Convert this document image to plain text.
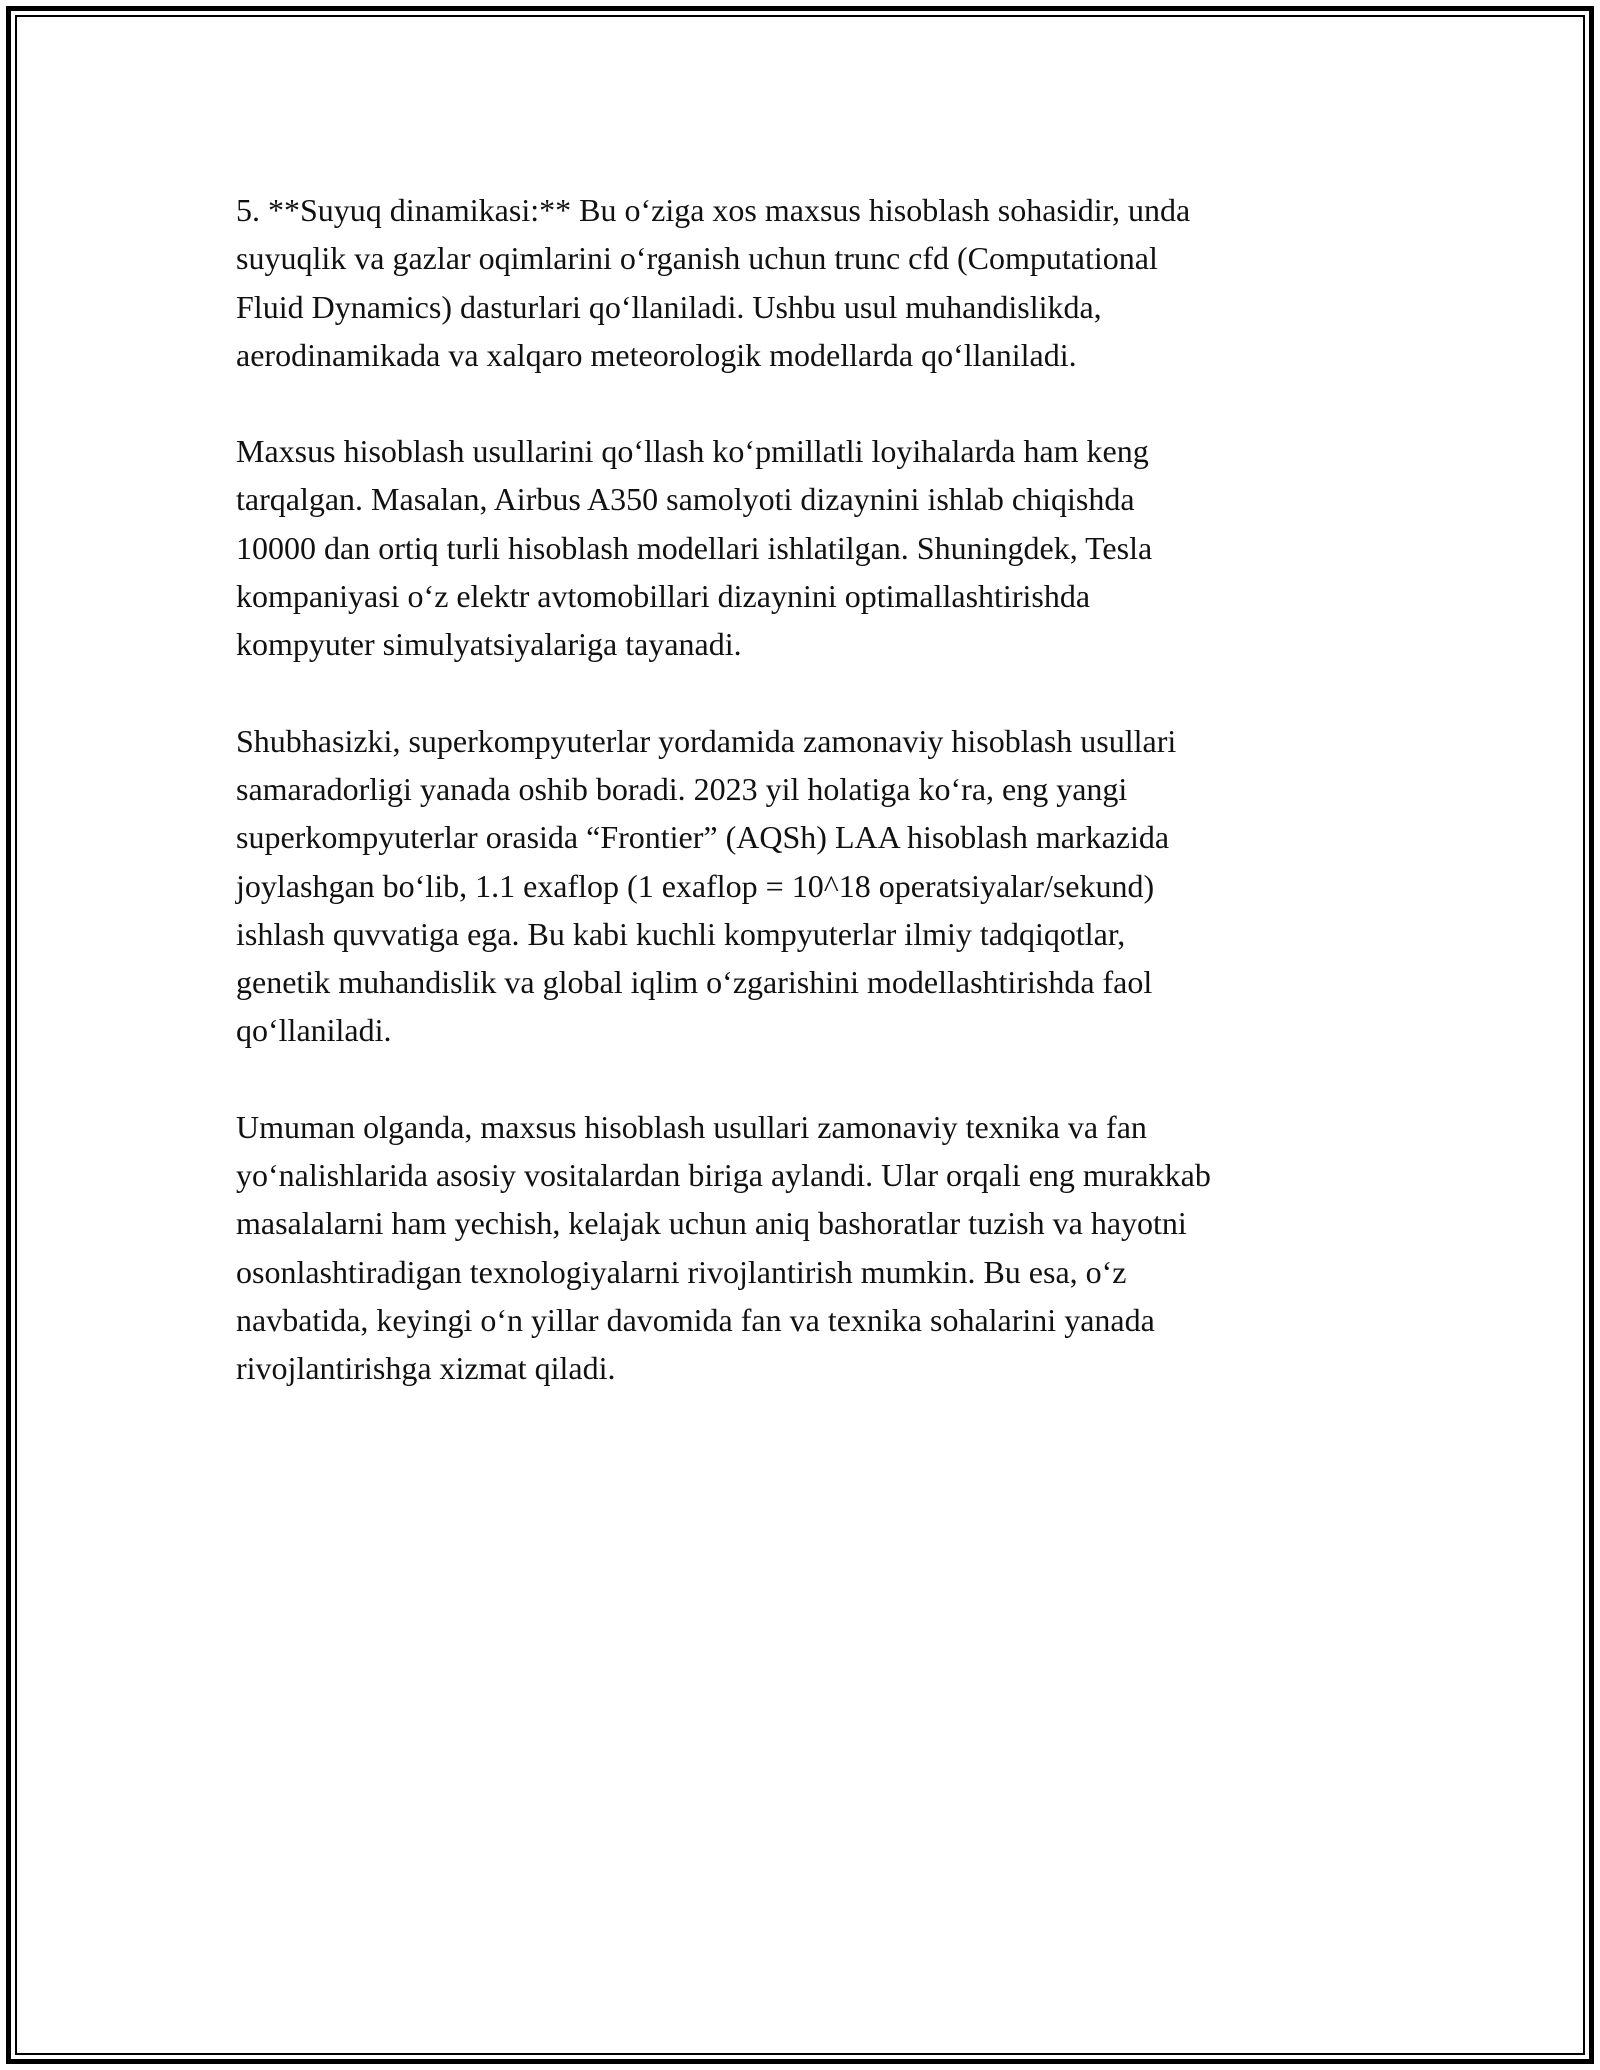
5. **Suyuq dinamikasi:** Bu o‘ziga xos maxsus hisoblash sohasidir, unda
suyuqlik va gazlar oqimlarini o‘rganish uchun trunc cfd (Computational
Fluid Dynamics) dasturlari qo‘llaniladi. Ushbu usul muhandislikda,
aerodinamikada va xalqaro meteorologik modellarda qo‘llaniladi.

Maxsus hisoblash usullarini qo‘llash ko‘pmillatli loyihalarda ham keng
tarqalgan. Masalan, Airbus A350 samolyoti dizaynini ishlab chiqishda
10000 dan ortiq turli hisoblash modellari ishlatilgan. Shuningdek, Tesla
kompaniyasi o‘z elektr avtomobillari dizaynini optimallashtirishda
kompyuter simulyatsiyalariga tayanadi.

Shubhasizki, superkompyuterlar yordamida zamonaviy hisoblash usullari
samaradorligi yanada oshib boradi. 2023 yil holatiga ko‘ra, eng yangi
superkompyuterlar orasida “Frontier” (AQSh) LAA hisoblash markazida
joylashgan bo‘lib, 1.1 exaflop (1 exaflop = 10^18 operatsiyalar/sekund)
ishlash quvvatiga ega. Bu kabi kuchli kompyuterlar ilmiy tadqiqotlar,
genetik muhandislik va global iqlim o‘zgarishini modellashtirishda faol
qo‘llaniladi.

Umuman olganda, maxsus hisoblash usullari zamonaviy texnika va fan
yo‘nalishlarida asosiy vositalardan biriga aylandi. Ular orqali eng murakkab
masalalarni ham yechish, kelajak uchun aniq bashoratlar tuzish va hayotni
osonlashtiradigan texnologiyalarni rivojlantirish mumkin. Bu esa, o‘z
navbatida, keyingi o‘n yillar davomida fan va texnika sohalarini yanada
rivojlantirishga xizmat qiladi.
